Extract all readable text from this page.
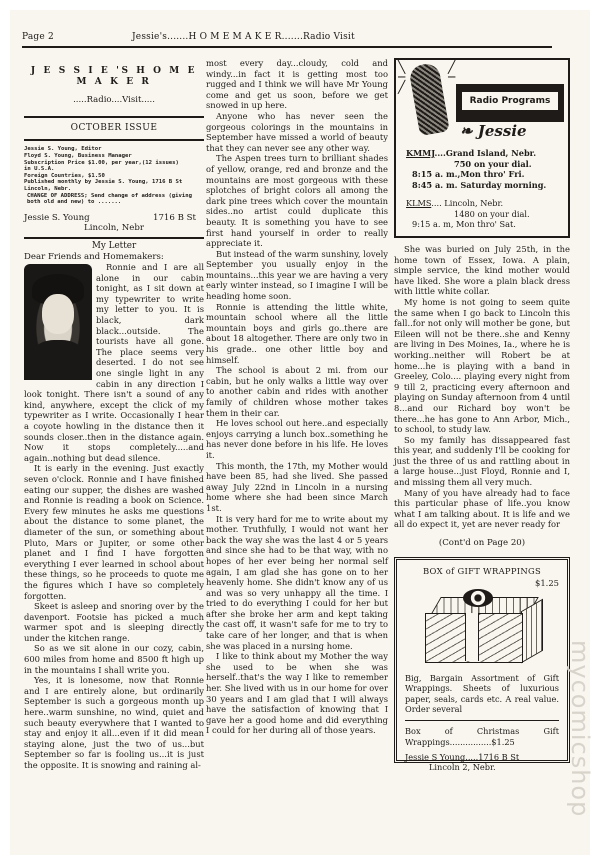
Page 2	Jessie's.......H O M E M A K E R.......Radio Visit
J E S S I E 'S H O M E M A K E R
.....Radio....Visit.....
OCTOBER ISSUE
Jessie S. Young, Editor
Floyd S. Young, Business Manager
Subscription Price $1.00, per year,(12 issues)
in U.S.A.
Foreign Countries, $1.50
Published monthly by Jessie S. Young, 1716 B St
Lincoln, Nebr.
CHANGE OF ADDRESS; Send change of address (giving both old and new) to .......
Jessie S. Young	1716 B St
Lincoln, Nebr
My Letter

Dear Friends and Homemakers:

Ronnie and I are all alone in our cabin tonight, as I sit down at my typewriter to write my letter to you. It is black, dark black...outside. The tourists have all gone. The place seems very deserted. I do not see one single light in any cabin in any direction I look tonight. There isn't a sound of any kind, anywhere, except the click of my typewriter as I write. Occasionally I hear a coyote howling in the distance then it sounds closer..then in the distance again. Now it stops completely.....and again..nothing but dead silence.

It is early in the evening. Just exactly seven o'clock. Ronnie and I have finished eating our supper, the dishes are washed and Ronnie is reading a book on Science. Every few minutes he asks me questions about the distance to some planet, the diameter of the sun, or something about Pluto, Mars or Jupiter, or some other planet and I find I have forgotten everything I ever learned in school about these things, so he proceeds to quote me the figures which I have so completely forgotten.

Skeet is asleep and snoring over by the davenport. Footsie has picked a much warmer spot and is sleeping directly under the kitchen range.

So as we sit alone in our cozy, cabin, 600 miles from home and 8500 ft high up in the mountains I shall write you.

Yes, it is lonesome, now that Ronnie and I are entirely alone, but ordinarily September is such a gorgeous month up here..warm sunshine, no wind, quiet and such beauty everywhere that I wanted to stay and enjoy it all...even if it did mean staying alone, just the two of us...but September so far is fooling us...it is just the opposite. It is snowing and raining al-

most every day...cloudy, cold and windy...in fact it is getting most too rugged and I think we will have Mr Young come and get us soon, before we get snowed in up here.

Anyone who has never seen the gorgeous colorings in the mountains in September have missed a world of beauty that they can never see any other way.

The Aspen trees turn to brilliant shades of yellow, orange, red and bronze and the mountains are most gorgeous with these splotches of bright colors all among the dark pine trees which cover the mountain sides..no artist could duplicate this beauty. It is something you have to see first hand yourself in order to really appreciate it.

But instead of the warm sunshiny, lovely September you usually enjoy in the mountains...this year we are having a very early winter instead, so I imagine I will be heading home soon.

Ronnie is attending the little white, mountain school where all the little mountain boys and girls go..there are about 18 altogether. There are only two in his grade.. one other little boy and himself.

The school is about 2 mi. from our cabin, but he only walks a little way over to another cabin and rides with another family of children whose mother takes them in their car.

He loves school out here..and especially enjoys carrying a lunch box..something he has never done before in his life. He loves it.

This month, the 17th, my Mother would have been 85, had she lived. She passed away July 22nd in Lincoln in a nursing home where she had been since March 1st.

It is very hard for me to write about my mother. Truthfully, I would not want her back the way she was the last 4 or 5 years and since she had to be that way, with no hopes of her ever being her normal self again, I am glad she has gone on to her heavenly home. She didn't know any of us and was so very unhappy all the time. I tried to do everything I could for her but after she broke her arm and kept taking the cast off, it wasn't safe for me to try to take care of her longer, and that is when she was placed in a nursing home.

I like to think about my Mother the way she used to be when she was herself..that's the way I like to remember her. She lived with us in our home for over 30 years and I am glad that I will always have the satisfaction of knowing that I gave her a good home and did everything I could for her during all of those years.

╲
─
╱
╱
─
Radio Programs
❧ Jessie
KMMJ....Grand Island, Nebr.
750 on your dial.
8:15 a. m.,Mon thro' Fri.
8:45 a. m. Saturday morning.
KLMS.... Lincoln, Nebr.
1480 on your dial.
9:15 a. m, Mon thro' Sat.

She was buried on July 25th, in the home town of Essex, Iowa. A plain, simple service, the kind mother would have liked. She wore a plain black dress with little white collar.

My home is not going to seem quite the same when I go back to Lincoln this fall..for not only will mother be gone, but Eileen will not be there..she and Kenny are living in Des Moines, Ia., where he is working..neither will Robert be at home...he is playing with a band in Greeley, Colo.... playing every night from 9 till 2, practicing every afternoon and playing on Sunday afternoon from 4 until 8...and our Richard boy won't be there...he has gone to Ann Arbor, Mich., to school, to study law.

So my family has dissappeared fast this year, and suddenly I'll be cooking for just the three of us and rattling about in a large house...just Floyd, Ronnie and I, and missing them all very much.

Many of you have already had to face this particular phase of life..you know what I am talking about. It is life and we all do expect it, yet are never ready for

(Cont'd on Page 20)
BOX of GIFT WRAPPINGS
$1.25
Big, Bargain Assortment of Gift Wrappings. Sheets of luxurious paper, seals, cards etc. A real value. Order several
Box of Christmas Gift Wrappings................$1.25
Jessie S Young.....1716 B St
Lincoln 2, Nebr.	mycomicshop
